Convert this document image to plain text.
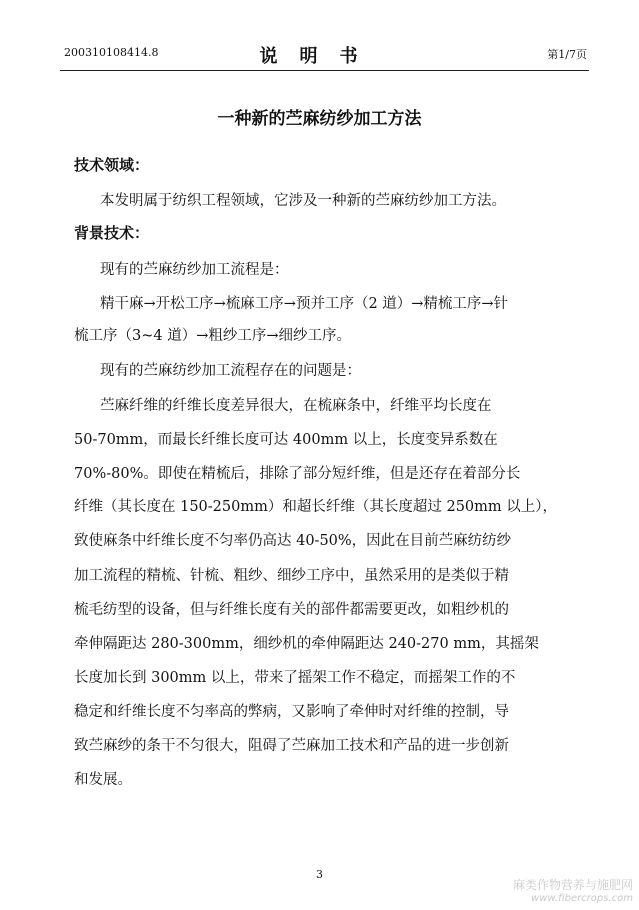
200310108414.8	说明书	第1/7页
一种新的苎麻纺纱加工方法
技术领域：
本发明属于纺织工程领域，它涉及一种新的苎麻纺纱加工方法。
背景技术：
现有的苎麻纺纱加工流程是：
精干麻→开松工序→梳麻工序→预并工序（2 道）→精梳工序→针
梳工序（3~4 道）→粗纱工序→细纱工序。
现有的苎麻纺纱加工流程存在的问题是：
苎麻纤维的纤维长度差异很大，在梳麻条中，纤维平均长度在
50-70mm，而最长纤维长度可达 400mm 以上，长度变异系数在
70%-80%。即使在精梳后，排除了部分短纤维，但是还存在着部分长
纤维（其长度在 150-250mm）和超长纤维（其长度超过 250mm 以上），
致使麻条中纤维长度不匀率仍高达 40-50%，因此在目前苎麻纺纺纱
加工流程的精梳、针梳、粗纱、细纱工序中，虽然采用的是类似于精
梳毛纺型的设备，但与纤维长度有关的部件都需要更改，如粗纱机的
牵伸隔距达 280-300mm，细纱机的牵伸隔距达 240-270 mm，其摇架
长度加长到 300mm 以上，带来了摇架工作不稳定，而摇架工作的不
稳定和纤维长度不匀率高的弊病，又影响了牵伸时对纤维的控制，导
致苎麻纱的条干不匀很大，阻碍了苎麻加工技术和产品的进一步创新
和发展。
3
麻类作物营养与施肥网
www.fibercrops.com
